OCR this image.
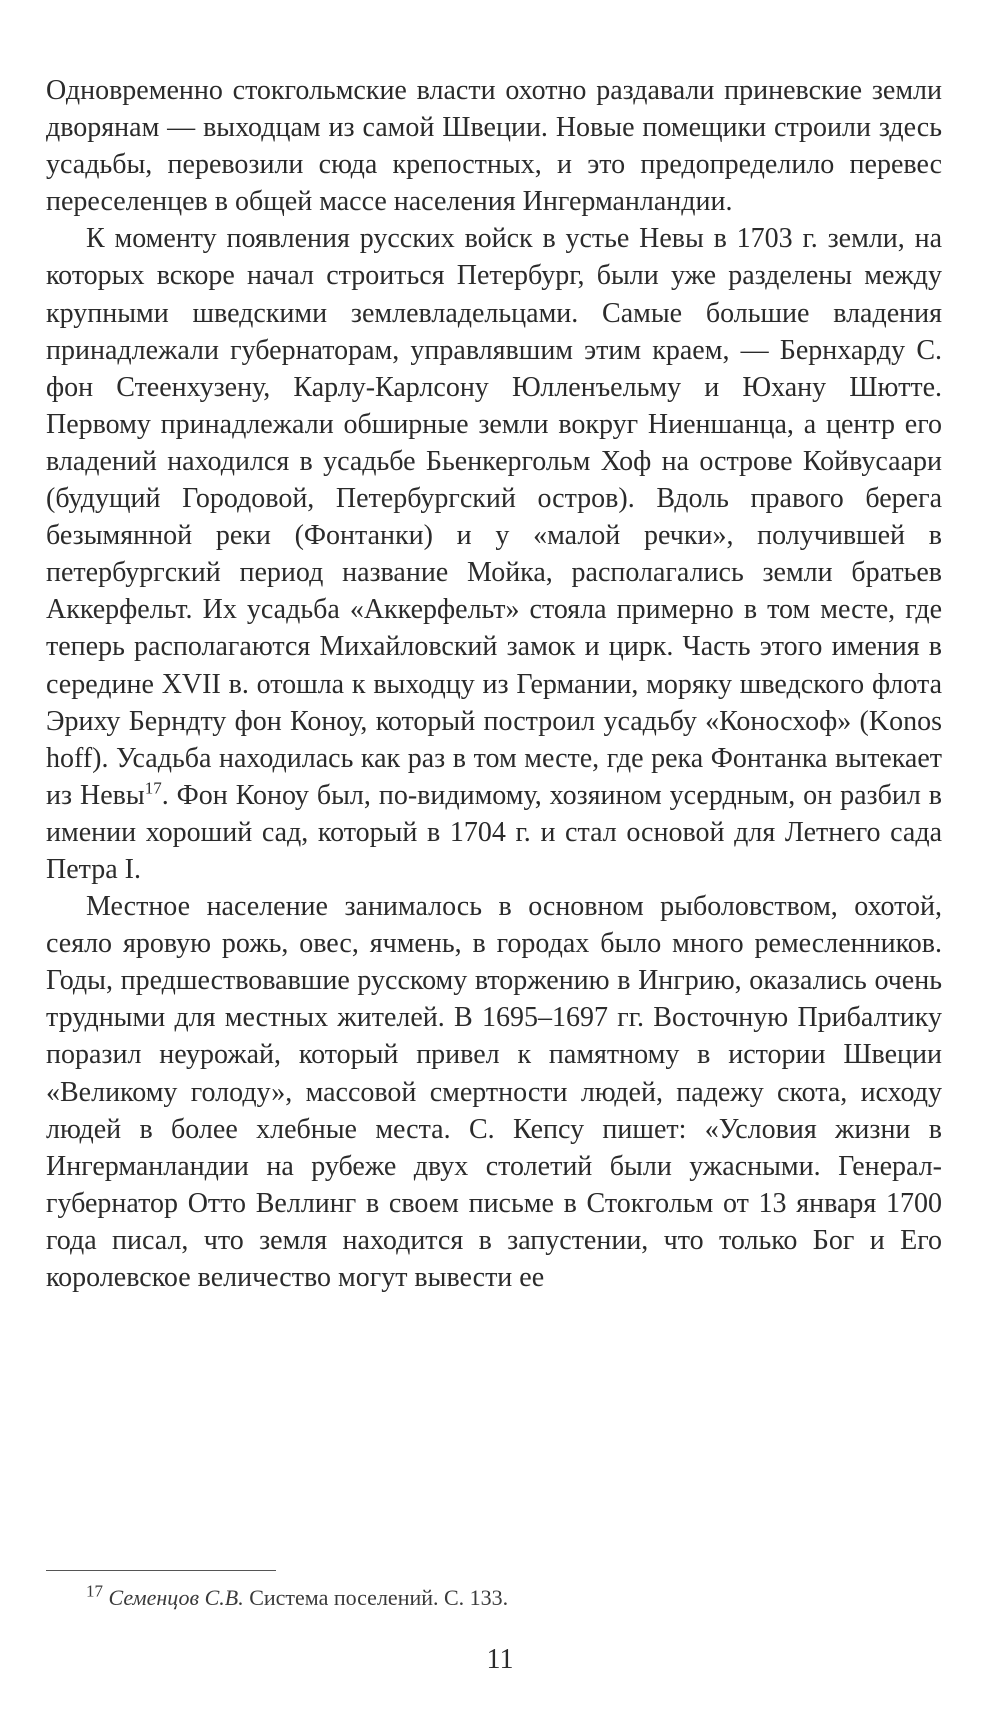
Одновременно стокгольмские власти охотно раздавали приневские земли дворянам — выходцам из самой Швеции. Новые помещики строили здесь усадьбы, перевозили сюда крепостных, и это предопределило перевес переселенцев в общей массе населения Ингерманландии.

К моменту появления русских войск в устье Невы в 1703 г. земли, на которых вскоре начал строиться Петербург, были уже разделены между крупными шведскими землевладельцами. Самые большие владения принадлежали губернаторам, управлявшим этим краем, — Бернхарду С. фон Стеенхузену, Карлу-Карлсону Юлленъельму и Юхану Шютте. Первому принадлежали обширные земли вокруг Ниеншанца, а центр его владений находился в усадьбе Бьенкергольм Хоф на острове Койвусаари (будущий Городовой, Петербургский остров). Вдоль правого берега безымянной реки (Фонтанки) и у «малой речки», получившей в петербургский период название Мойка, располагались земли братьев Аккерфельт. Их усадьба «Аккерфельт» стояла примерно в том месте, где теперь располагаются Михайловский замок и цирк. Часть этого имения в середине XVII в. отошла к выходцу из Германии, моряку шведского флота Эриху Берндту фон Коноу, который построил усадьбу «Коносхоф» (Konos hoff). Усадьба находилась как раз в том месте, где река Фонтанка вытекает из Невы$^{17}$. Фон Коноу был, по-видимому, хозяином усердным, он разбил в имении хороший сад, который в 1704 г. и стал основой для Летнего сада Петра I.

Местное население занималось в основном рыболовством, охотой, сеяло яровую рожь, овес, ячмень, в городах было много ремесленников. Годы, предшествовавшие русскому вторжению в Ингрию, оказались очень трудными для местных жителей. В 1695–1697 гг. Восточную Прибалтику поразил неурожай, который привел к памятному в истории Швеции «Великому голоду», массовой смертности людей, падежу скота, исходу людей в более хлебные места. С. Кепсу пишет: «Условия жизни в Ингерманландии на рубеже двух столетий были ужасными. Генерал-губернатор Отто Веллинг в своем письме в Стокгольм от 13 января 1700 года писал, что земля находится в запустении, что только Бог и Его королевское величество могут вывести ее

$^{17}$ Семенцов С.В. Система поселений. С. 133.
11
